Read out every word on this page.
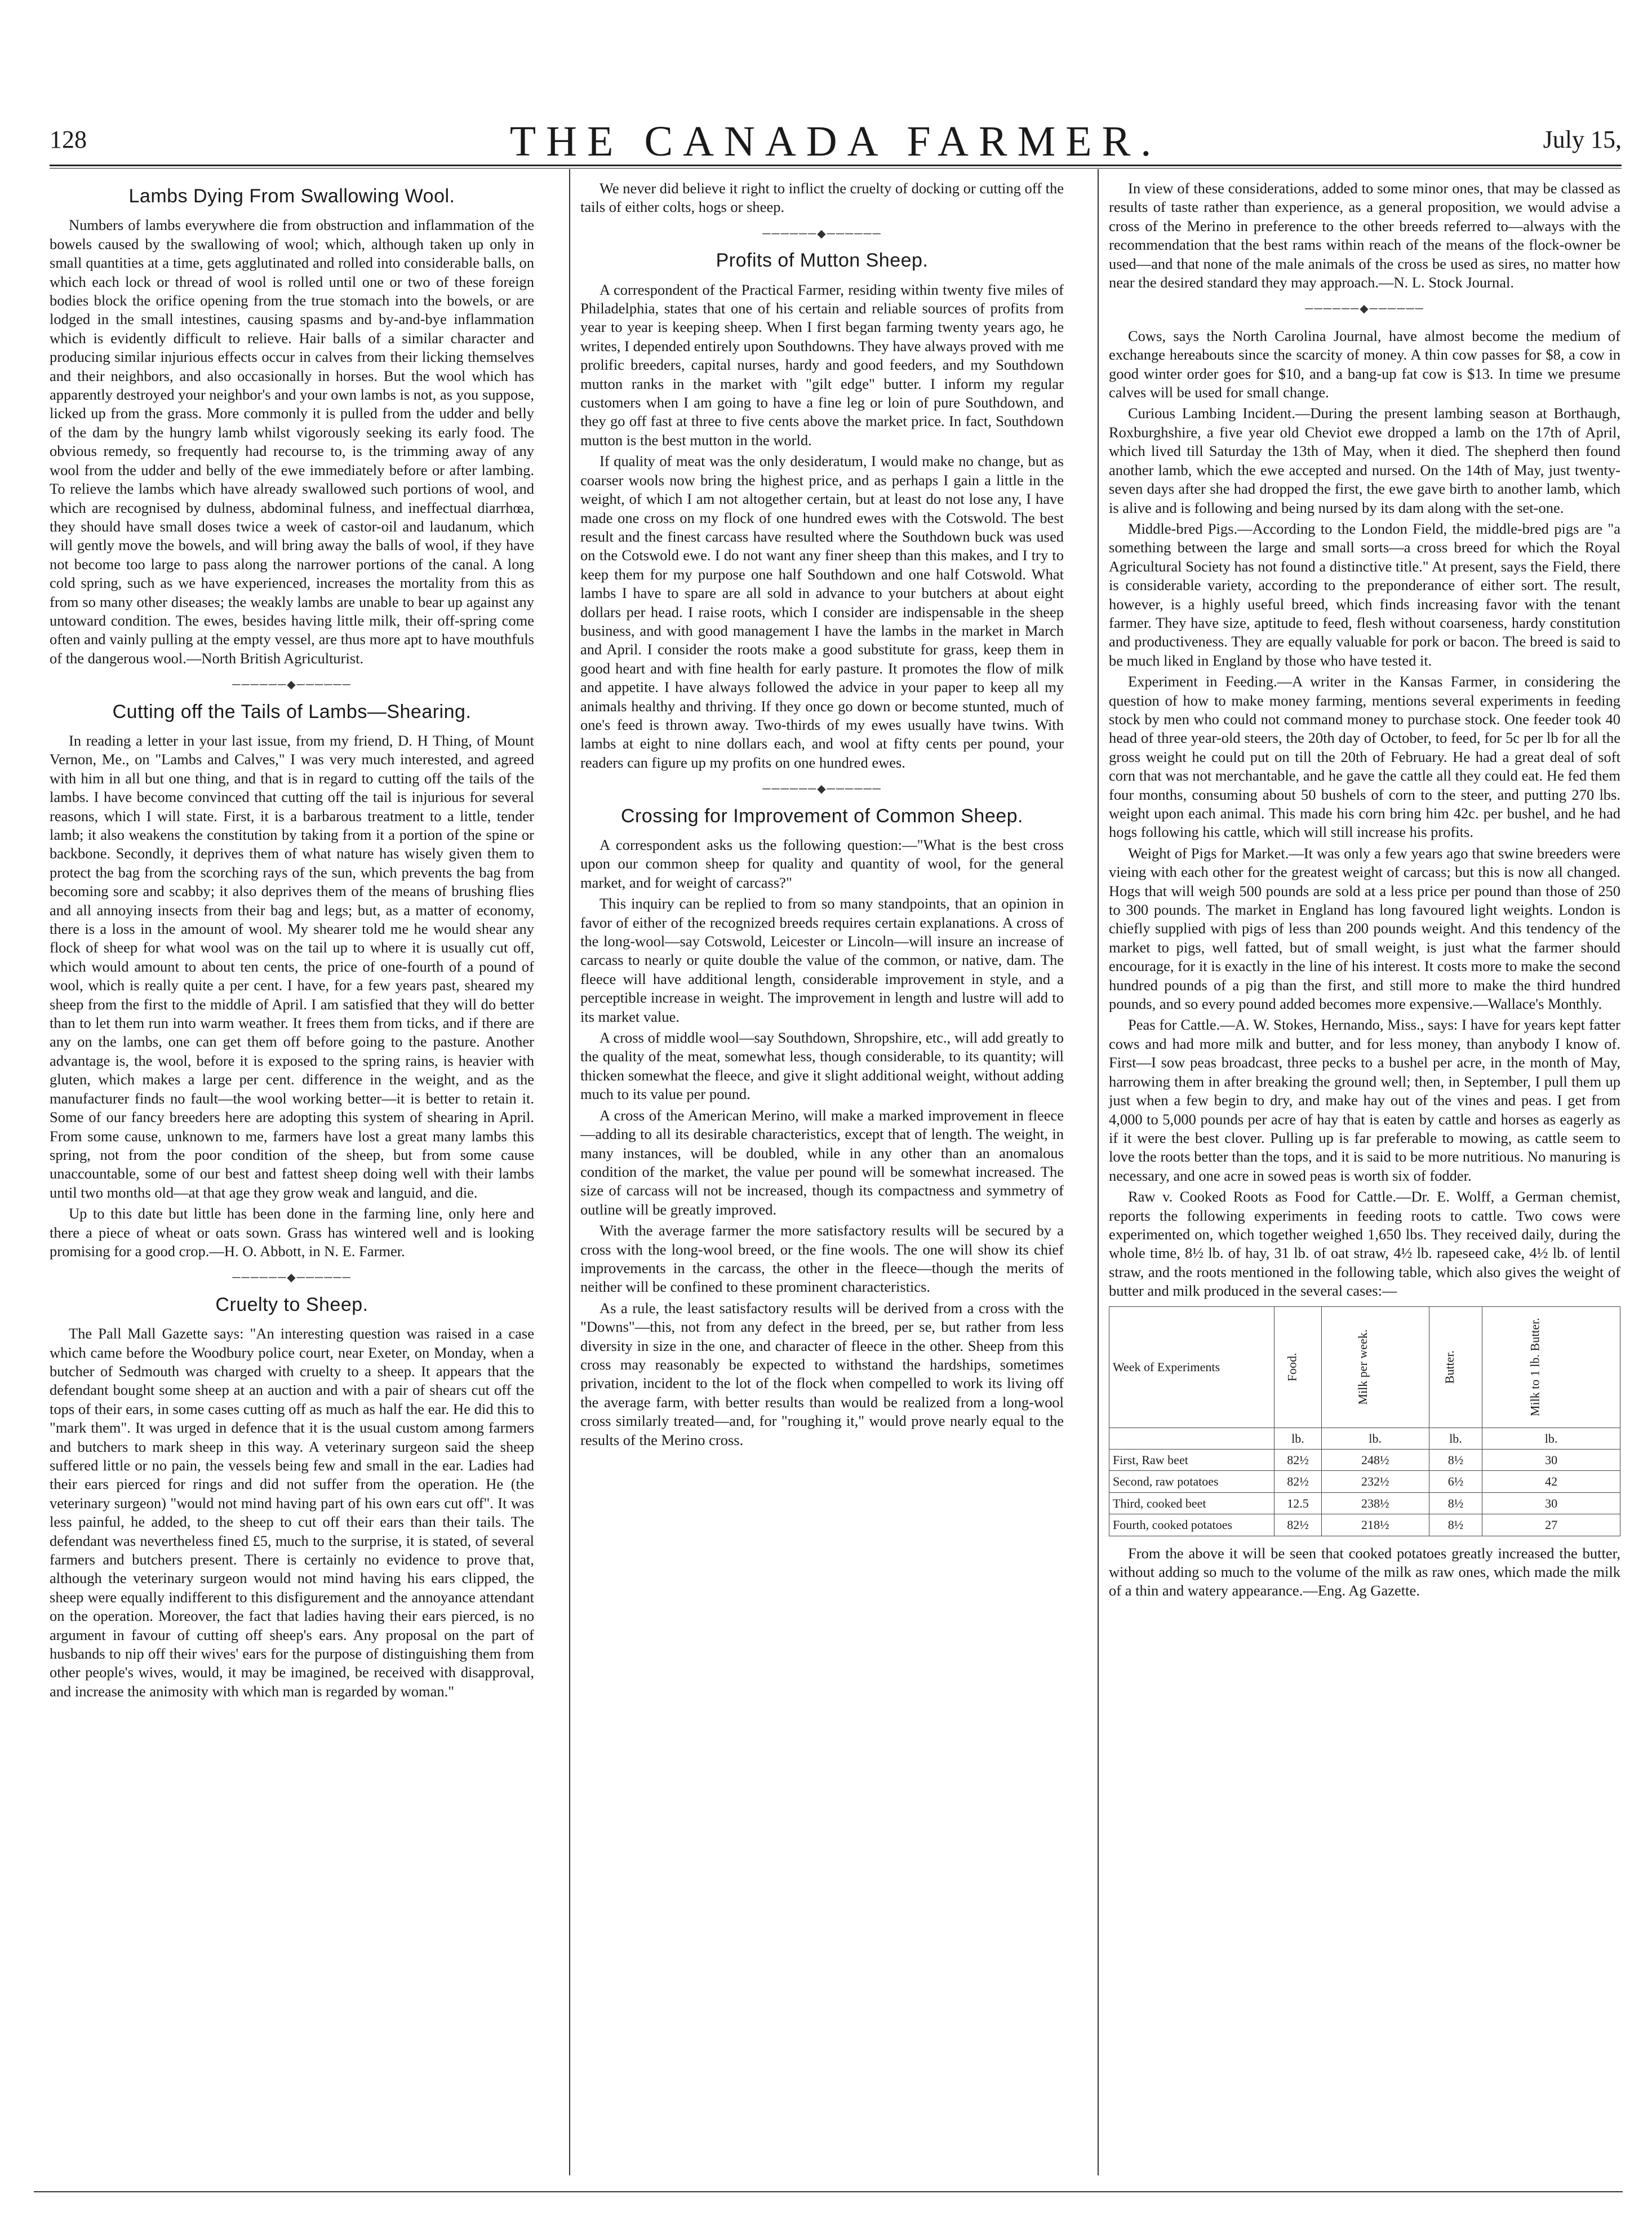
128	THE CANADA FARMER.	July 15,
Lambs Dying From Swallowing Wool.

Numbers of lambs everywhere die from obstruction and inflammation of the bowels caused by the swallowing of wool; which, although taken up only in small quantities at a time, gets agglutinated and rolled into considerable balls, on which each lock or thread of wool is rolled until one or two of these foreign bodies block the orifice opening from the true stomach into the bowels, or are lodged in the small intestines, causing spasms and by-and-bye inflammation which is evidently difficult to relieve. Hair balls of a similar character and producing similar injurious effects occur in calves from their licking themselves and their neighbors, and also occasionally in horses. But the wool which has apparently destroyed your neighbor's and your own lambs is not, as you suppose, licked up from the grass. More commonly it is pulled from the udder and belly of the dam by the hungry lamb whilst vigorously seeking its early food. The obvious remedy, so frequently had recourse to, is the trimming away of any wool from the udder and belly of the ewe immediately before or after lambing. To relieve the lambs which have already swallowed such portions of wool, and which are recognised by dulness, abdominal fulness, and ineffectual diarrhœa, they should have small doses twice a week of castor-oil and laudanum, which will gently move the bowels, and will bring away the balls of wool, if they have not become too large to pass along the narrower portions of the canal. A long cold spring, such as we have experienced, increases the mortality from this as from so many other diseases; the weakly lambs are unable to bear up against any untoward condition. The ewes, besides having little milk, their off-spring come often and vainly pulling at the empty vessel, are thus more apt to have mouthfuls of the dangerous wool.—North British Agriculturist.

──────◆──────
Cutting off the Tails of Lambs—Shearing.

In reading a letter in your last issue, from my friend, D. H Thing, of Mount Vernon, Me., on "Lambs and Calves," I was very much interested, and agreed with him in all but one thing, and that is in regard to cutting off the tails of the lambs. I have become convinced that cutting off the tail is injurious for several reasons, which I will state. First, it is a barbarous treatment to a little, tender lamb; it also weakens the constitution by taking from it a portion of the spine or backbone. Secondly, it deprives them of what nature has wisely given them to protect the bag from the scorching rays of the sun, which prevents the bag from becoming sore and scabby; it also deprives them of the means of brushing flies and all annoying insects from their bag and legs; but, as a matter of economy, there is a loss in the amount of wool. My shearer told me he would shear any flock of sheep for what wool was on the tail up to where it is usually cut off, which would amount to about ten cents, the price of one-fourth of a pound of wool, which is really quite a per cent. I have, for a few years past, sheared my sheep from the first to the middle of April. I am satisfied that they will do better than to let them run into warm weather. It frees them from ticks, and if there are any on the lambs, one can get them off before going to the pasture. Another advantage is, the wool, before it is exposed to the spring rains, is heavier with gluten, which makes a large per cent. difference in the weight, and as the manufacturer finds no fault—the wool working better—it is better to retain it. Some of our fancy breeders here are adopting this system of shearing in April. From some cause, unknown to me, farmers have lost a great many lambs this spring, not from the poor condition of the sheep, but from some cause unaccountable, some of our best and fattest sheep doing well with their lambs until two months old—at that age they grow weak and languid, and die.

Up to this date but little has been done in the farming line, only here and there a piece of wheat or oats sown. Grass has wintered well and is looking promising for a good crop.—H. O. Abbott, in N. E. Farmer.

──────◆──────
Cruelty to Sheep.

The Pall Mall Gazette says: "An interesting question was raised in a case which came before the Woodbury police court, near Exeter, on Monday, when a butcher of Sedmouth was charged with cruelty to a sheep. It appears that the defendant bought some sheep at an auction and with a pair of shears cut off the tops of their ears, in some cases cutting off as much as half the ear. He did this to "mark them". It was urged in defence that it is the usual custom among farmers and butchers to mark sheep in this way. A veterinary surgeon said the sheep suffered little or no pain, the vessels being few and small in the ear. Ladies had their ears pierced for rings and did not suffer from the operation. He (the veterinary surgeon) "would not mind having part of his own ears cut off". It was less painful, he added, to the sheep to cut off their ears than their tails. The defendant was nevertheless fined £5, much to the surprise, it is stated, of several farmers and butchers present. There is certainly no evidence to prove that, although the veterinary surgeon would not mind having his ears clipped, the sheep were equally indifferent to this disfigurement and the annoyance attendant on the operation. Moreover, the fact that ladies having their ears pierced, is no argument in favour of cutting off sheep's ears. Any proposal on the part of husbands to nip off their wives' ears for the purpose of distinguishing them from other people's wives, would, it may be imagined, be received with disapproval, and increase the animosity with which man is regarded by woman."

We never did believe it right to inflict the cruelty of docking or cutting off the tails of either colts, hogs or sheep.

──────◆──────
Profits of Mutton Sheep.

A correspondent of the Practical Farmer, residing within twenty five miles of Philadelphia, states that one of his certain and reliable sources of profits from year to year is keeping sheep. When I first began farming twenty years ago, he writes, I depended entirely upon Southdowns. They have always proved with me prolific breeders, capital nurses, hardy and good feeders, and my Southdown mutton ranks in the market with "gilt edge" butter. I inform my regular customers when I am going to have a fine leg or loin of pure Southdown, and they go off fast at three to five cents above the market price. In fact, Southdown mutton is the best mutton in the world.

If quality of meat was the only desideratum, I would make no change, but as coarser wools now bring the highest price, and as perhaps I gain a little in the weight, of which I am not altogether certain, but at least do not lose any, I have made one cross on my flock of one hundred ewes with the Cotswold. The best result and the finest carcass have resulted where the Southdown buck was used on the Cotswold ewe. I do not want any finer sheep than this makes, and I try to keep them for my purpose one half Southdown and one half Cotswold. What lambs I have to spare are all sold in advance to your butchers at about eight dollars per head. I raise roots, which I consider are indispensable in the sheep business, and with good management I have the lambs in the market in March and April. I consider the roots make a good substitute for grass, keep them in good heart and with fine health for early pasture. It promotes the flow of milk and appetite. I have always followed the advice in your paper to keep all my animals healthy and thriving. If they once go down or become stunted, much of one's feed is thrown away. Two-thirds of my ewes usually have twins. With lambs at eight to nine dollars each, and wool at fifty cents per pound, your readers can figure up my profits on one hundred ewes.

──────◆──────
Crossing for Improvement of Common Sheep.

A correspondent asks us the following question:—"What is the best cross upon our common sheep for quality and quantity of wool, for the general market, and for weight of carcass?"

This inquiry can be replied to from so many standpoints, that an opinion in favor of either of the recognized breeds requires certain explanations. A cross of the long-wool—say Cotswold, Leicester or Lincoln—will insure an increase of carcass to nearly or quite double the value of the common, or native, dam. The fleece will have additional length, considerable improvement in style, and a perceptible increase in weight. The improvement in length and lustre will add to its market value.

A cross of middle wool—say Southdown, Shropshire, etc., will add greatly to the quality of the meat, somewhat less, though considerable, to its quantity; will thicken somewhat the fleece, and give it slight additional weight, without adding much to its value per pound.

A cross of the American Merino, will make a marked improvement in fleece—adding to all its desirable characteristics, except that of length. The weight, in many instances, will be doubled, while in any other than an anomalous condition of the market, the value per pound will be somewhat increased. The size of carcass will not be increased, though its compactness and symmetry of outline will be greatly improved.

With the average farmer the more satisfactory results will be secured by a cross with the long-wool breed, or the fine wools. The one will show its chief improvements in the carcass, the other in the fleece—though the merits of neither will be confined to these prominent characteristics.

As a rule, the least satisfactory results will be derived from a cross with the "Downs"—this, not from any defect in the breed, per se, but rather from less diversity in size in the one, and character of fleece in the other. Sheep from this cross may reasonably be expected to withstand the hardships, sometimes privation, incident to the lot of the flock when compelled to work its living off the average farm, with better results than would be realized from a long-wool cross similarly treated—and, for "roughing it," would prove nearly equal to the results of the Merino cross.

In view of these considerations, added to some minor ones, that may be classed as results of taste rather than experience, as a general proposition, we would advise a cross of the Merino in preference to the other breeds referred to—always with the recommendation that the best rams within reach of the means of the flock-owner be used—and that none of the male animals of the cross be used as sires, no matter how near the desired standard they may approach.—N. L. Stock Journal.

──────◆──────

Cows, says the North Carolina Journal, have almost become the medium of exchange hereabouts since the scarcity of money. A thin cow passes for $8, a cow in good winter order goes for $10, and a bang-up fat cow is $13. In time we presume calves will be used for small change.

Curious Lambing Incident.—During the present lambing season at Borthaugh, Roxburghshire, a five year old Cheviot ewe dropped a lamb on the 17th of April, which lived till Saturday the 13th of May, when it died. The shepherd then found another lamb, which the ewe accepted and nursed. On the 14th of May, just twenty-seven days after she had dropped the first, the ewe gave birth to another lamb, which is alive and is following and being nursed by its dam along with the set-one.

Middle-bred Pigs.—According to the London Field, the middle-bred pigs are "a something between the large and small sorts—a cross breed for which the Royal Agricultural Society has not found a distinctive title." At present, says the Field, there is considerable variety, according to the preponderance of either sort. The result, however, is a highly useful breed, which finds increasing favor with the tenant farmer. They have size, aptitude to feed, flesh without coarseness, hardy constitution and productiveness. They are equally valuable for pork or bacon. The breed is said to be much liked in England by those who have tested it.

Experiment in Feeding.—A writer in the Kansas Farmer, in considering the question of how to make money farming, mentions several experiments in feeding stock by men who could not command money to purchase stock. One feeder took 40 head of three year-old steers, the 20th day of October, to feed, for 5c per lb for all the gross weight he could put on till the 20th of February. He had a great deal of soft corn that was not merchantable, and he gave the cattle all they could eat. He fed them four months, consuming about 50 bushels of corn to the steer, and putting 270 lbs. weight upon each animal. This made his corn bring him 42c. per bushel, and he had hogs following his cattle, which will still increase his profits.

Weight of Pigs for Market.—It was only a few years ago that swine breeders were vieing with each other for the greatest weight of carcass; but this is now all changed. Hogs that will weigh 500 pounds are sold at a less price per pound than those of 250 to 300 pounds. The market in England has long favoured light weights. London is chiefly supplied with pigs of less than 200 pounds weight. And this tendency of the market to pigs, well fatted, but of small weight, is just what the farmer should encourage, for it is exactly in the line of his interest. It costs more to make the second hundred pounds of a pig than the first, and still more to make the third hundred pounds, and so every pound added becomes more expensive.—Wallace's Monthly.

Peas for Cattle.—A. W. Stokes, Hernando, Miss., says: I have for years kept fatter cows and had more milk and butter, and for less money, than anybody I know of. First—I sow peas broadcast, three pecks to a bushel per acre, in the month of May, harrowing them in after breaking the ground well; then, in September, I pull them up just when a few begin to dry, and make hay out of the vines and peas. I get from 4,000 to 5,000 pounds per acre of hay that is eaten by cattle and horses as eagerly as if it were the best clover. Pulling up is far preferable to mowing, as cattle seem to love the roots better than the tops, and it is said to be more nutritious. No manuring is necessary, and one acre in sowed peas is worth six of fodder.

Raw v. Cooked Roots as Food for Cattle.—Dr. E. Wolff, a German chemist, reports the following experiments in feeding roots to cattle. Two cows were experimented on, which together weighed 1,650 lbs. They received daily, during the whole time, 8½ lb. of hay, 31 lb. of oat straw, 4½ lb. rapeseed cake, 4½ lb. of lentil straw, and the roots mentioned in the following table, which also gives the weight of butter and milk produced in the several cases:—

Week of Experiments	Food.	Milk per week.	Butter.	Milk to 1 lb. Butter.
	lb.	lb.	lb.	lb.
First, Raw beet	82½	248½	8½	30
Second, raw potatoes	82½	232½	6½	42
Third, cooked beet	12.5	238½	8½	30
Fourth, cooked potatoes	82½	218½	8½	27

From the above it will be seen that cooked potatoes greatly increased the butter, without adding so much to the volume of the milk as raw ones, which made the milk of a thin and watery appearance.—Eng. Ag Gazette.
